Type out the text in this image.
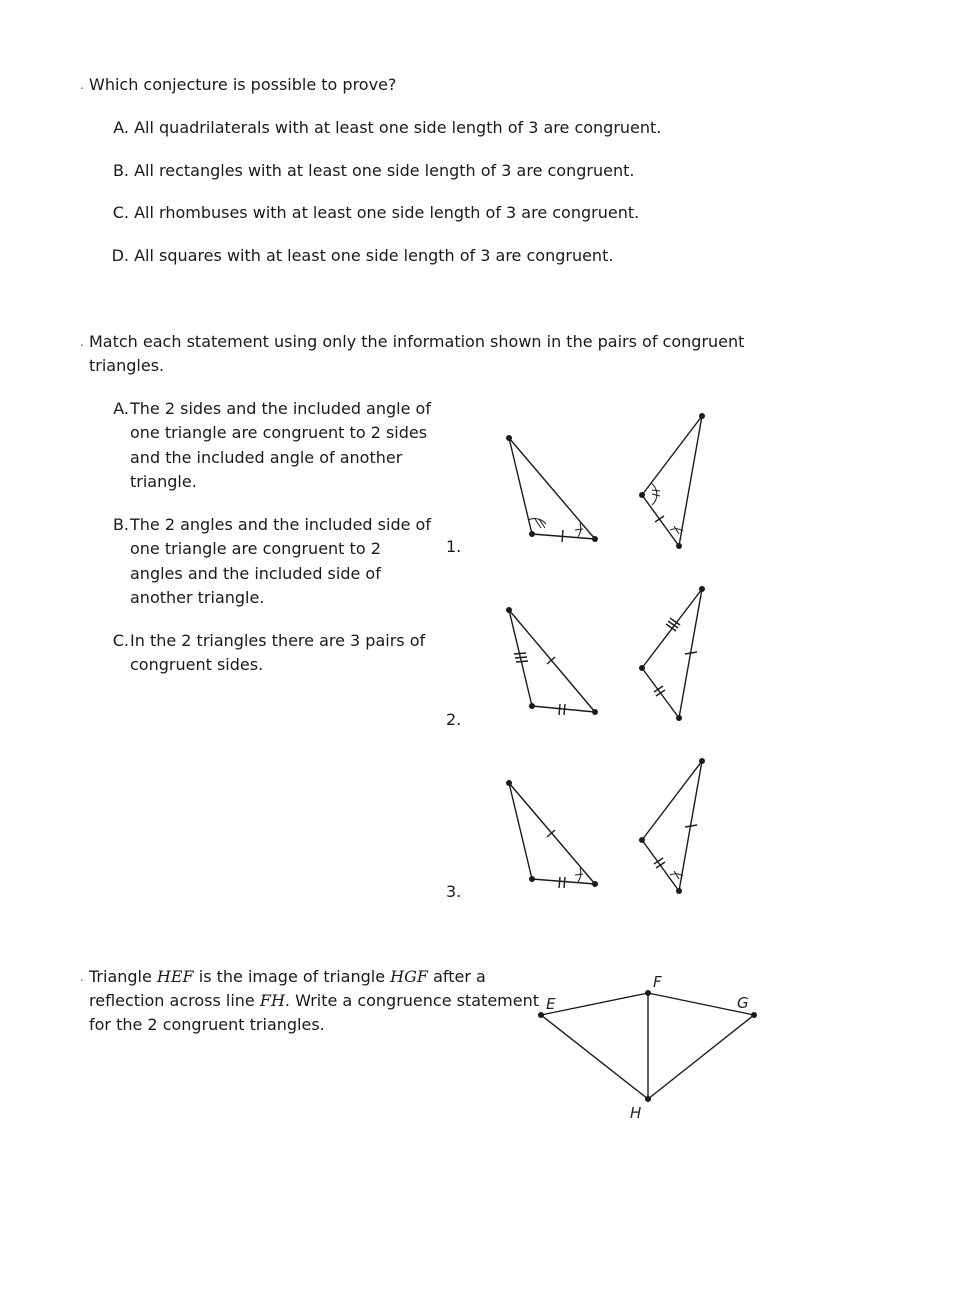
. Which conjecture is possible to prove?
A. All quadrilaterals with at least one side length of 3 are congruent.
B. All rectangles with at least one side length of 3 are congruent.
C. All rhombuses with at least one side length of 3 are congruent.
D. All squares with at least one side length of 3 are congruent.
. Match each statement using only the information shown in the pairs of congruent
triangles.
A. The 2 sides and the included angle of
one triangle are congruent to 2 sides
and the included angle of another
triangle.
B. The 2 angles and the included side of
one triangle are congruent to 2
angles and the included side of
another triangle.
C. In the 2 triangles there are 3 pairs of
congruent sides.
1.
2.
3.
. Triangle HEF is the image of triangle HGF after a
reflection across line FH. Write a congruence statement
for the 2 congruent triangles.
E
F
G
H
